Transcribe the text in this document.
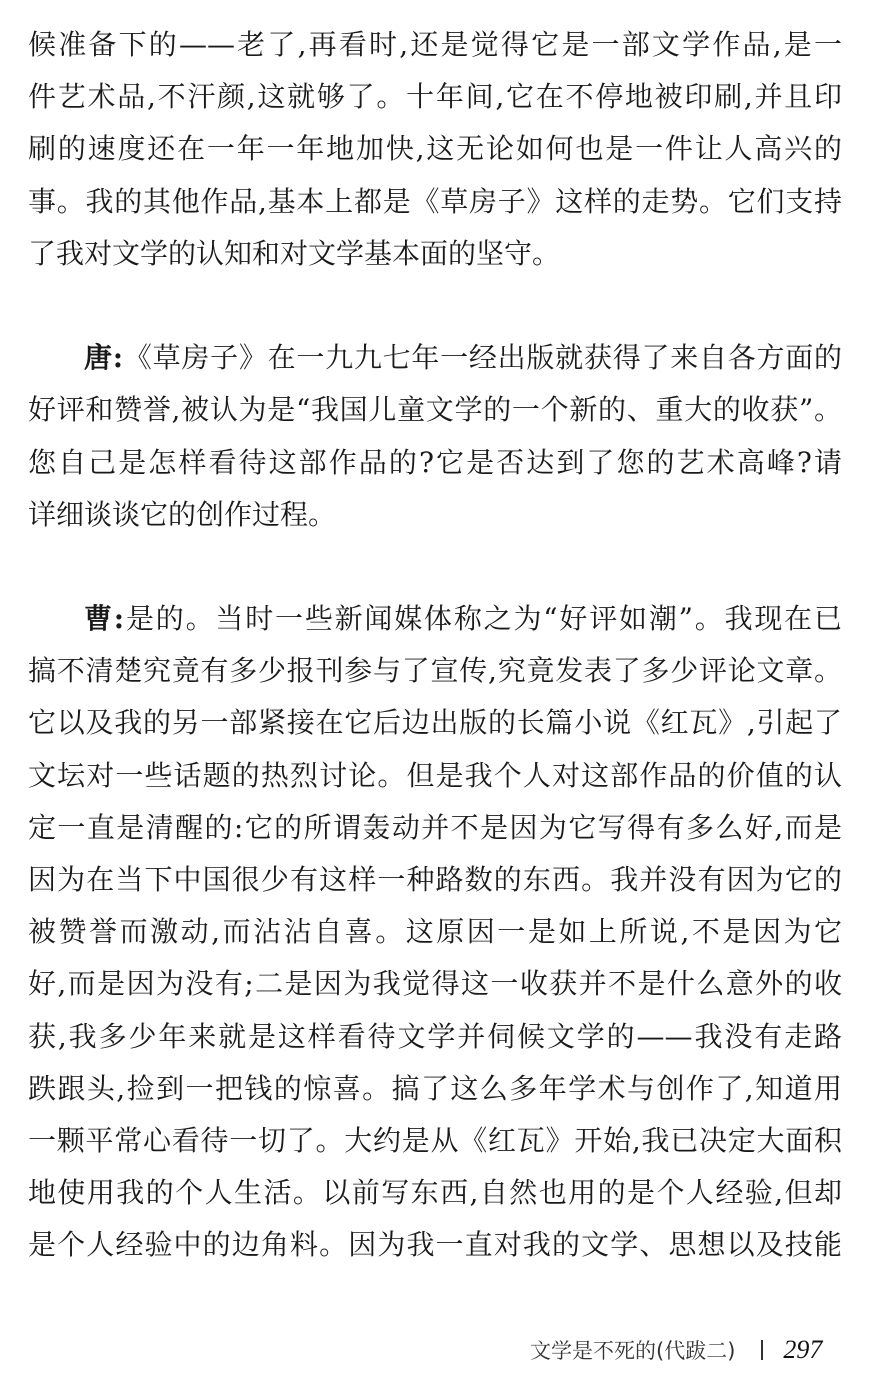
候准备下的——老了,再看时,还是觉得它是一部文学作品,是一
件艺术品,不汗颜,这就够了。十年间,它在不停地被印刷,并且印
刷的速度还在一年一年地加快,这无论如何也是一件让人高兴的
事。我的其他作品,基本上都是《草房子》这样的走势。它们支持
了我对文学的认知和对文学基本面的坚守。
唐:《草房子》在一九九七年一经出版就获得了来自各方面的
好评和赞誉,被认为是“我国儿童文学的一个新的、重大的收获”。
您自己是怎样看待这部作品的?它是否达到了您的艺术高峰?请
详细谈谈它的创作过程。
曹:是的。当时一些新闻媒体称之为“好评如潮”。我现在已
搞不清楚究竟有多少报刊参与了宣传,究竟发表了多少评论文章。
它以及我的另一部紧接在它后边出版的长篇小说《红瓦》,引起了
文坛对一些话题的热烈讨论。但是我个人对这部作品的价值的认
定一直是清醒的:它的所谓轰动并不是因为它写得有多么好,而是
因为在当下中国很少有这样一种路数的东西。我并没有因为它的
被赞誉而激动,而沾沾自喜。这原因一是如上所说,不是因为它
好,而是因为没有;二是因为我觉得这一收获并不是什么意外的收
获,我多少年来就是这样看待文学并伺候文学的——我没有走路
跌跟头,捡到一把钱的惊喜。搞了这么多年学术与创作了,知道用
一颗平常心看待一切了。大约是从《红瓦》开始,我已决定大面积
地使用我的个人生活。以前写东西,自然也用的是个人经验,但却
是个人经验中的边角料。因为我一直对我的文学、思想以及技能
文学是不死的(代跋二) 297
